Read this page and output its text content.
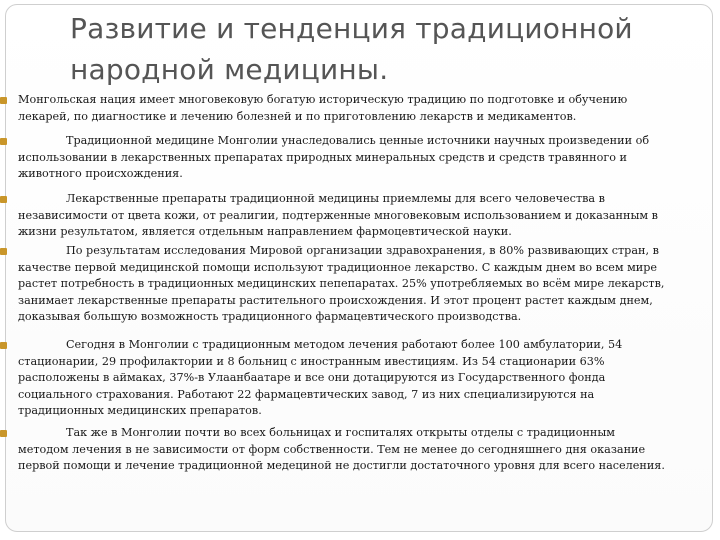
Развитие и тенденция традиционной
народной медицины.

Монгольская нация имеет многовековую богатую историческую традицию по подготовке и обучению
лекарей, по диагностике и лечению болезней и по приготовлению лекарств и медикаментов.

Традиционной медицине Монголии унаследовались ценные источники научных произведении об
использовании в лекарственных препаратах природных минеральных средств и средств травянного и
животного происхождения.

Лекарственные препараты традиционной медицины приемлемы для всего человечества в
независимости от цвета кожи, от реалигии, подтерженные многовековым использованием и доказанным в
жизни результатом, является отдельным направлением фармоцевтической науки.

По результатам исследования Мировой организации здравохранения, в 80% развивающих стран, в
качестве первой медицинской помощи используют традиционное лекарство. С каждым днем во всем мире
растет потребность в традиционных медицинских пепепаратах. 25% употребляемых во всём мире лекарств,
занимает лекарственные препараты растительного происхождения. И этот процент растет каждым днем,
доказывая большую возможность традиционного фармацевтического производства.

Сегодня в Монголии с традиционным методом лечения работают более 100 амбулатории, 54
стационарии, 29 профилактории и 8 больниц с иностранным ивестициям. Из 54 стационарии 63%
расположены в аймаках, 37%-в Улаанбаатаре и все они дотацируются из Государственного фонда
социального страхования. Работают 22 фармацевтических завод, 7 из них специализируются на
традиционных медицинских препаратов.

Так же в Монголии почти во всех больницах и госпиталях открыты отделы с традиционным
методом лечения в не зависимости от форм собственности. Тем не менее до сегодняшнего дня оказание
первой помощи и лечение традиционной медециной не достигли достаточного уровня для всего населения.
